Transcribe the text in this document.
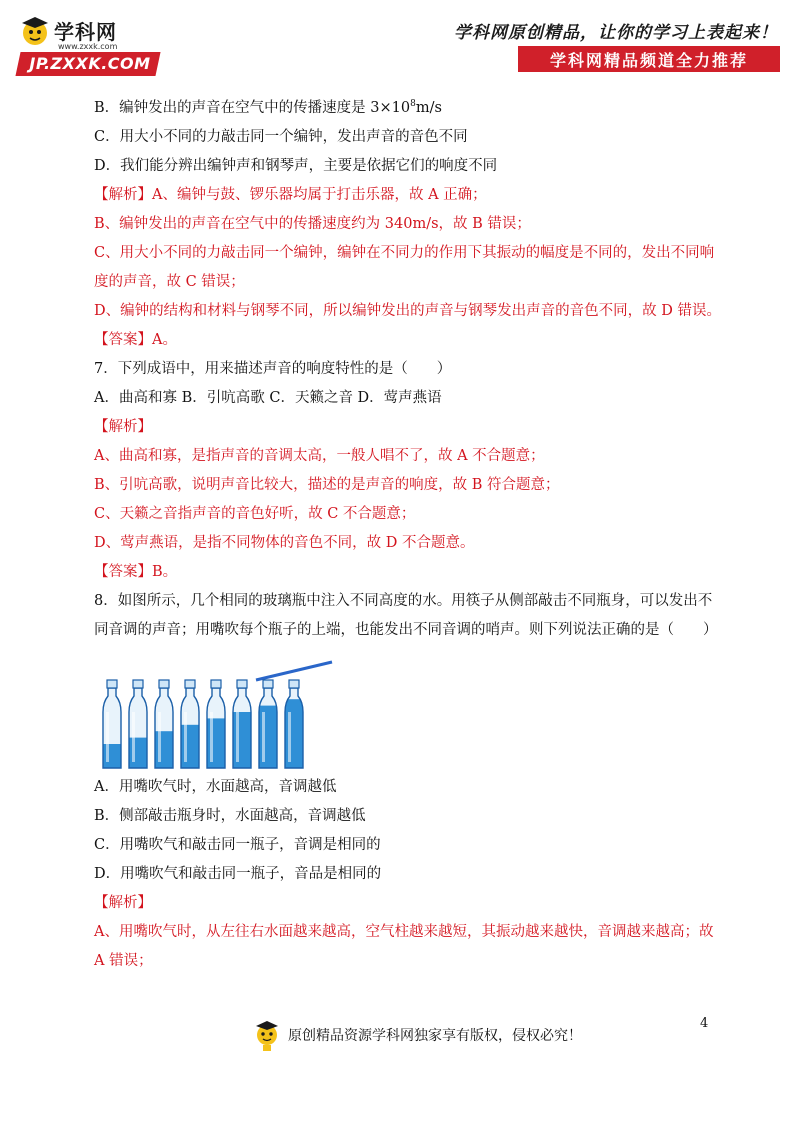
学科网
www.zxxk.com
JP.ZXXK.COM
学科网原创精品，让你的学习上表起来！
学科网精品频道全力推荐
B．编钟发出的声音在空气中的传播速度是 $3\times 10^8m/s$
C．用大小不同的力敲击同一个编钟，发出声音的音色不同
D．我们能分辨出编钟声和钢琴声，主要是依据它们的响度不同
【解析】A、编钟与鼓、锣乐器均属于打击乐器，故 A 正确；
B、编钟发出的声音在空气中的传播速度约为 340m/s，故 B 错误；
C、用大小不同的力敲击同一个编钟，编钟在不同力的作用下其振动的幅度是不同的，发出不同响
度的声音，故 C 错误；
D、编钟的结构和材料与钢琴不同，所以编钟发出的声音与钢琴发出声音的音色不同，故 D 错误。
【答案】A。
7．下列成语中，用来描述声音的响度特性的是（　　）
A．曲高和寡 B．引吭高歌 C．天籁之音 D．莺声燕语
【解析】
A、曲高和寡，是指声音的音调太高，一般人唱不了，故 A 不合题意；
B、引吭高歌，说明声音比较大，描述的是声音的响度，故 B 符合题意；
C、天籁之音指声音的音色好听，故 C 不合题意；
D、莺声燕语，是指不同物体的音色不同，故 D 不合题意。
【答案】B。
8．如图所示，几个相同的玻璃瓶中注入不同高度的水。用筷子从侧部敲击不同瓶身，可以发出不
同音调的声音；用嘴吹每个瓶子的上端，也能发出不同音调的哨声。则下列说法正确的是（　　）
A．用嘴吹气时，水面越高，音调越低
B．侧部敲击瓶身时，水面越高，音调越低
C．用嘴吹气和敲击同一瓶子，音调是相同的
D．用嘴吹气和敲击同一瓶子，音品是相同的
【解析】
A、用嘴吹气时，从左往右水面越来越高，空气柱越来越短，其振动越来越快，音调越来越高；故
A 错误；
4
原创精品资源学科网独家享有版权，侵权必究！
